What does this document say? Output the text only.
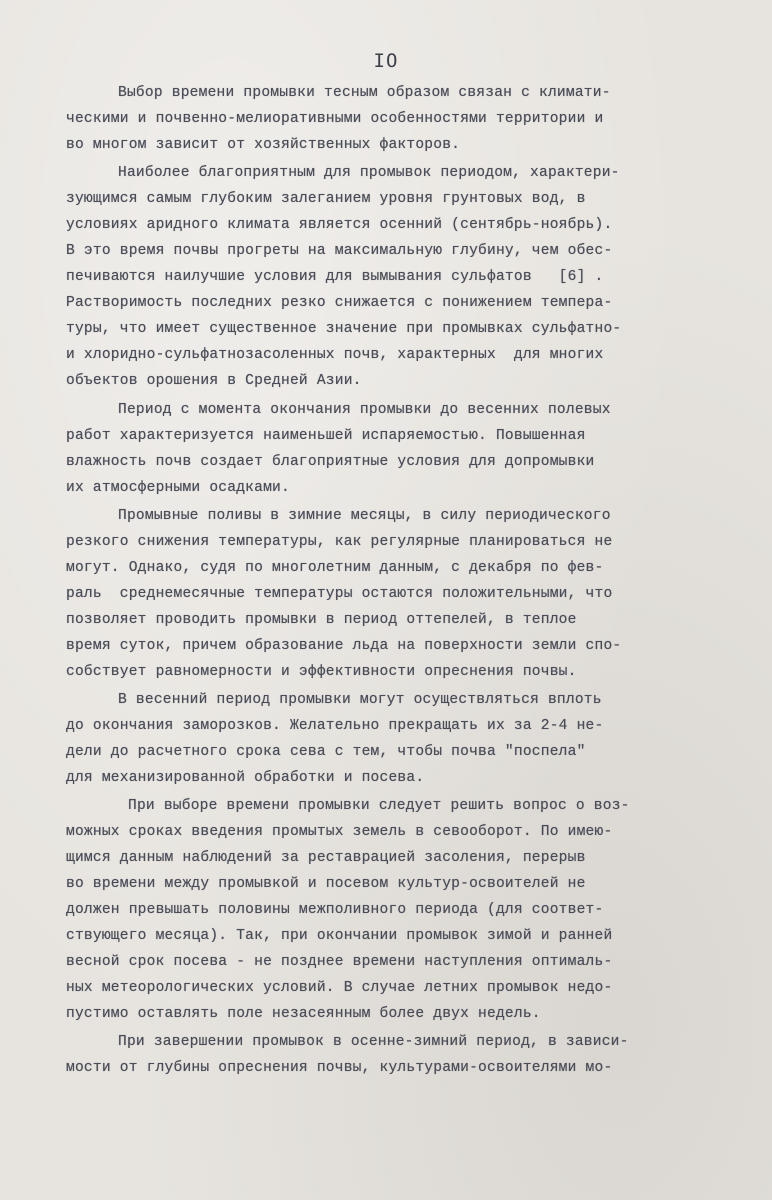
IO
Выбор времени промывки тесным образом связан с климати-
ческими и почвенно-мелиоративными особенностями территории и
во многом зависит от хозяйственных факторов.
Наиболее благоприятным для промывок периодом, характери-
зующимся самым глубоким залеганием уровня грунтовых вод, в
условиях аридного климата является осенний (сентябрь-ноябрь).
В это время почвы прогреты на максимальную глубину, чем обес-
печиваются наилучшие условия для вымывания сульфатов   [6] .
Растворимость последних резко снижается с понижением темпера-
туры, что имеет существенное значение при промывках сульфатно-
и хлоридно-сульфатнозасоленных почв, характерных  для многих
объектов орошения в Средней Азии.
Период с момента окончания промывки до весенних полевых
работ характеризуется наименьшей испаряемостью. Повышенная
влажность почв создает благоприятные условия для допромывки
их атмосферными осадками.
Промывные поливы в зимние месяцы, в силу периодического
резкого снижения температуры, как регулярные планироваться не
могут. Однако, судя по многолетним данным, с декабря по фев-
раль  среднемесячные температуры остаются положительными, что
позволяет проводить промывки в период оттепелей, в теплое
время суток, причем образование льда на поверхности земли спо-
собствует равномерности и эффективности опреснения почвы.
В весенний период промывки могут осуществляться вплоть
до окончания заморозков. Желательно прекращать их за 2-4 не-
дели до расчетного срока сева с тем, чтобы почва "поспела"
для механизированной обработки и посева.
При выборе времени промывки следует решить вопрос о воз-
можных сроках введения промытых земель в севооборот. По имею-
щимся данным наблюдений за реставрацией засоления, перерыв
во времени между промывкой и посевом культур-освоителей не
должен превышать половины межполивного периода (для соответ-
ствующего месяца). Так, при окончании промывок зимой и ранней
весной срок посева - не позднее времени наступления оптималь-
ных метеорологических условий. В случае летних промывок недо-
пустимо оставлять поле незасеянным более двух недель.
При завершении промывок в осенне-зимний период, в зависи-
мости от глубины опреснения почвы, культурами-освоителями мо-
